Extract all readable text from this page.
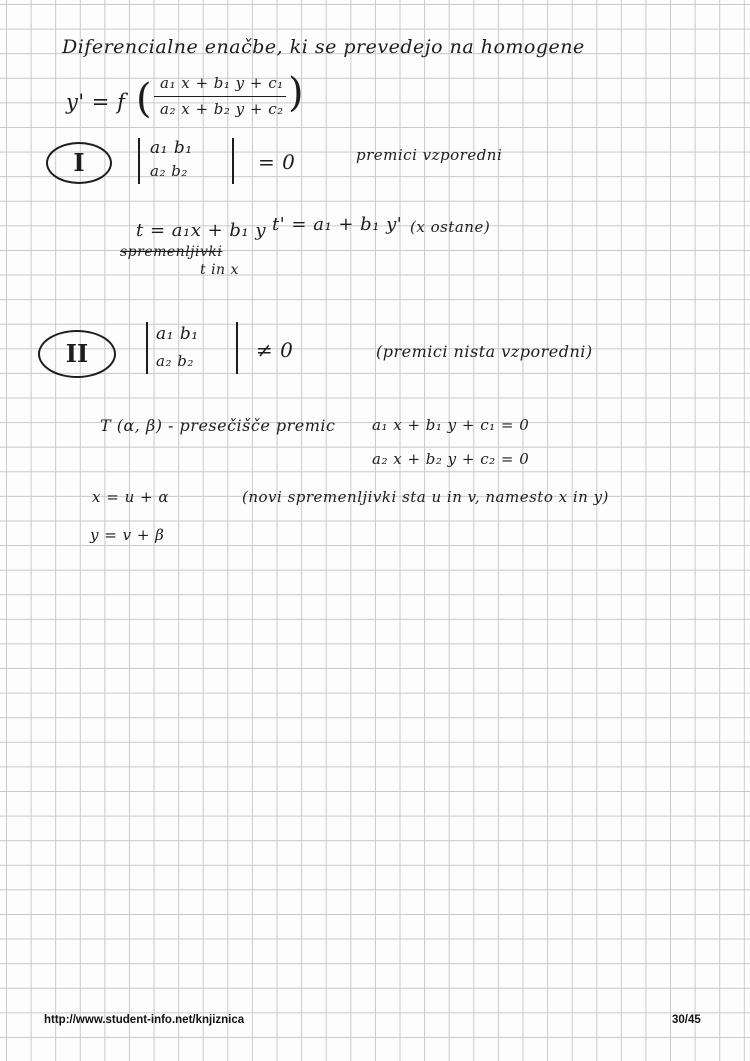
Diferencialne enačbe, ki se prevedejo na homogene
y' = f ( a₁ x + b₁ y + c₁
a₂ x + b₂ y + c₂ )
I	a₁ b₁
a₂ b₂	= 0	premici vzporedni
t = a₁x + b₁ y t' = a₁ + b₁ y' (x ostane)
spremenljivki
t in x
II
a₁ b₁
a₂ b₂	≠ 0	(premici nista vzporedni)
T (α, β) - presečišče premic a₁ x + b₁ y + c₁ = 0
a₂ x + b₂ y + c₂ = 0
x = u + α	(novi spremenljivki sta u in v, namesto x in y)
y = v + β
http://www.student-info.net/knjiznica	30/45
